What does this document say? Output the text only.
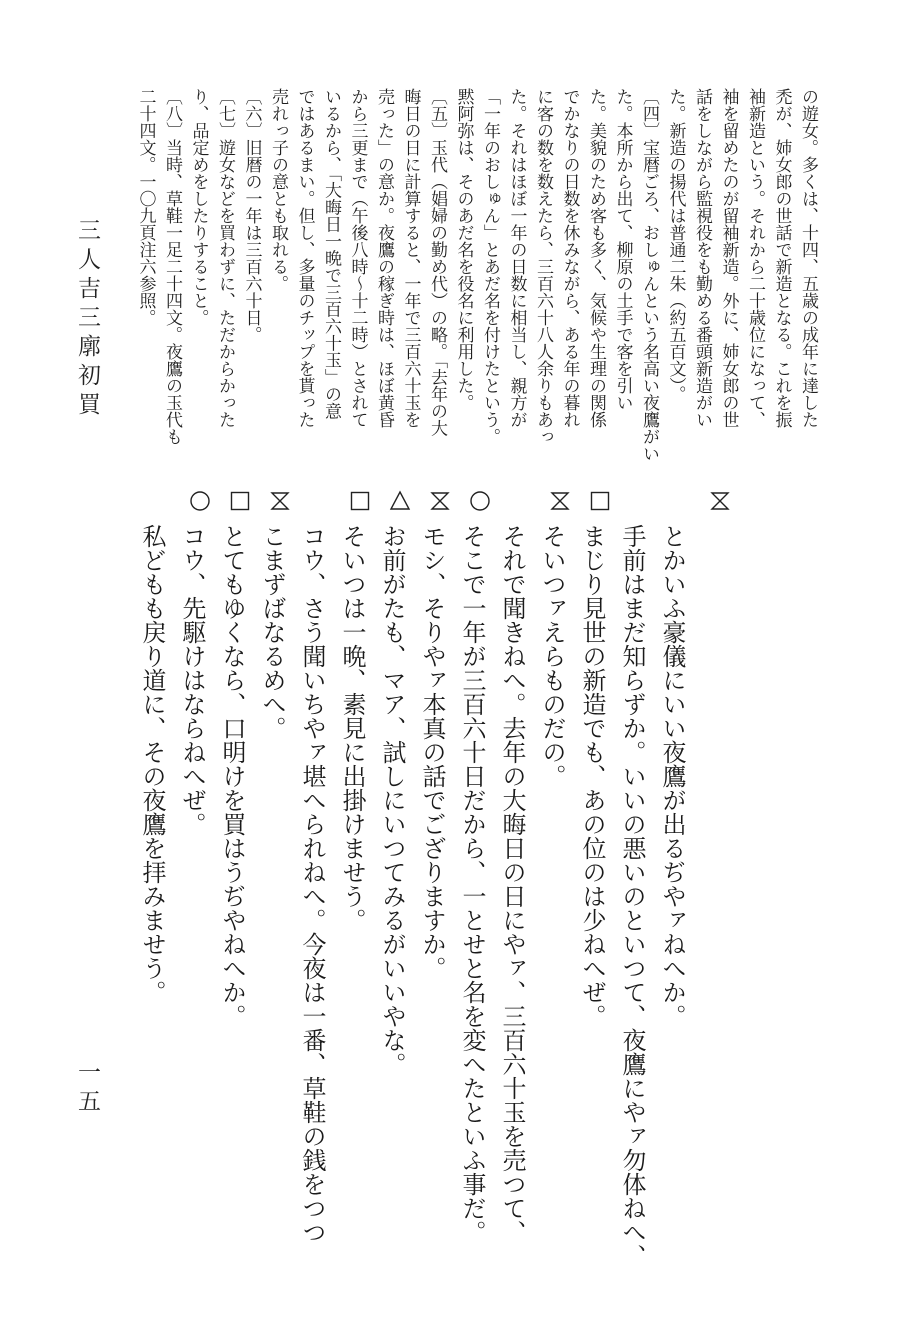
三人吉三廓初買
一五
の遊女。多くは、十四、五歳の成年に達した
禿が、姉女郎の世話で新造となる。これを振
袖新造という。それから二十歳位になって、
袖を留めたのが留袖新造。外に、姉女郎の世
話をしながら監視役をも勤める番頭新造がい
た。新造の揚代は普通二朱（約五百文）。
〔四〕宝暦ごろ、おしゅんという名高い夜鷹がい
た。本所から出て、柳原の土手で客を引い
た。美貌のため客も多く、気候や生理の関係
でかなりの日数を休みながら、ある年の暮れ
に客の数を数えたら、三百六十八人余りもあっ
た。それはほぼ一年の日数に相当し、親方が
「一年のおしゅん」とあだ名を付けたという。
黙阿弥は、そのあだ名を役名に利用した。
〔五〕玉代（娼婦の勤め代）の略。「去年の大
晦日の日に計算すると、一年で三百六十玉を
売った」の意か。夜鷹の稼ぎ時は、ほぼ黄昏
から三更まで（午後八時〜十二時）とされて
いるから、「大晦日一晩で三百六十玉」の意
ではあるまい。但し、多量のチップを貰った
売れっ子の意とも取れる。
〔六〕旧暦の一年は三百六十日。
〔七〕遊女などを買わずに、ただからかった
り、品定めをしたりすること。
〔八〕当時、草鞋一足二十四文。夜鷹の玉代も
二十四文。一〇九頁注六参照。
とかいふ豪儀にいい夜鷹が出るぢやァねへか。
手前はまだ知らずか。いいの悪いのといつて、夜鷹にやァ勿体ねへ、
まじり見世の新造でも、あの位のは少ねへぜ。
そいつァえらものだの。
それで聞きねへ。去年の大晦日の日にやァ、三百六十玉を売つて、
そこで一年が三百六十日だから、一とせと名を変へたといふ事だ。
モシ、そりやァ本真の話でござりますか。
お前がたも、マア、試しにいつてみるがいいやな。
そいつは一晩、素見に出掛けませう。
コウ、さう聞いちやァ堪へられねへ。今夜は一番、草鞋の銭をつつ
こまずばなるめへ。
とてもゆくなら、口明けを買はうぢやねへか。
コウ、先駆けはならねへぜ。
私どもも戻り道に、その夜鷹を拝みませう。
